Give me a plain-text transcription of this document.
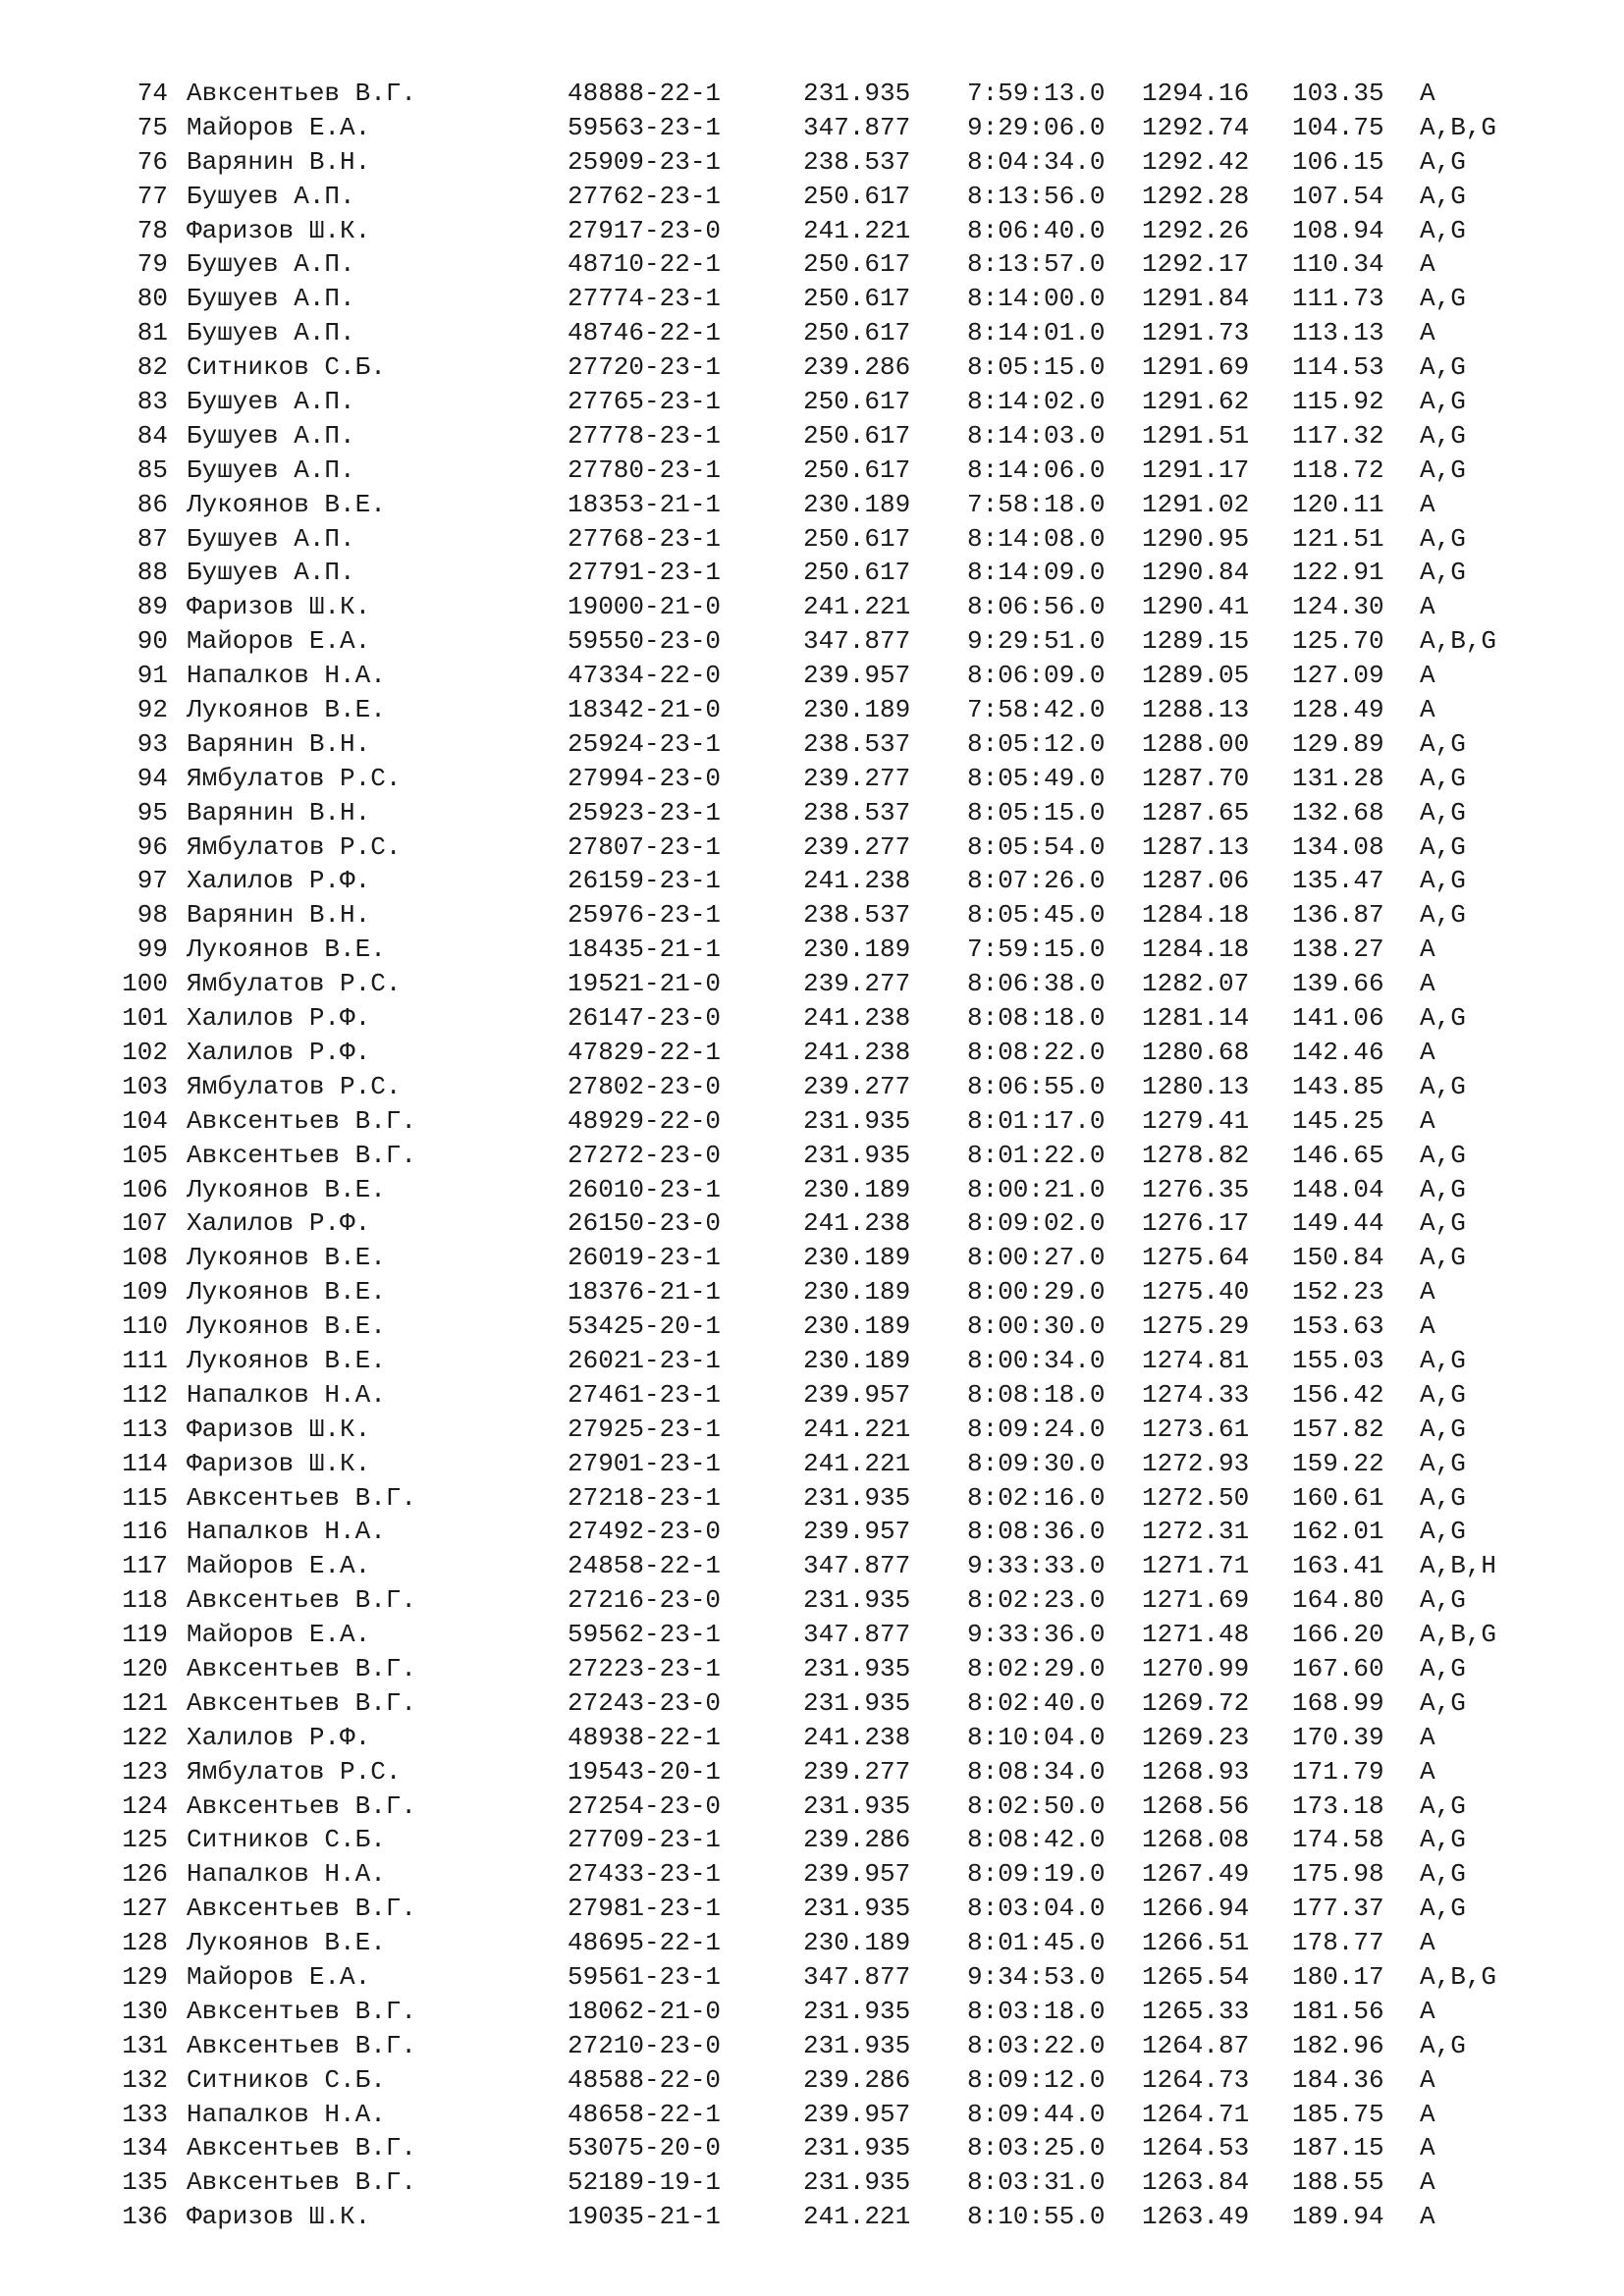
74 Авксентьев В.Г.	48888-22-1	231.935 7:59:13.0 1294.16 103.35 A
75 Майоров Е.А.	59563-23-1	347.877 9:29:06.0 1292.74 104.75 A,B,G
76 Варянин В.Н.	25909-23-1	238.537 8:04:34.0 1292.42 106.15 A,G
77 Бушуев А.П.	27762-23-1	250.617 8:13:56.0 1292.28 107.54 A,G
78 Фаризов Ш.К.	27917-23-0	241.221 8:06:40.0 1292.26 108.94 A,G
79 Бушуев А.П.	48710-22-1	250.617 8:13:57.0 1292.17 110.34 A
80 Бушуев А.П.	27774-23-1	250.617 8:14:00.0 1291.84 111.73 A,G
81 Бушуев А.П.	48746-22-1	250.617 8:14:01.0 1291.73 113.13 A
82 Ситников С.Б.	27720-23-1	239.286 8:05:15.0 1291.69 114.53 A,G
83 Бушуев А.П.	27765-23-1	250.617 8:14:02.0 1291.62 115.92 A,G
84 Бушуев А.П.	27778-23-1	250.617 8:14:03.0 1291.51 117.32 A,G
85 Бушуев А.П.	27780-23-1	250.617 8:14:06.0 1291.17 118.72 A,G
86 Лукоянов В.Е.	18353-21-1	230.189 7:58:18.0 1291.02 120.11 A
87 Бушуев А.П.	27768-23-1	250.617 8:14:08.0 1290.95 121.51 A,G
88 Бушуев А.П.	27791-23-1	250.617 8:14:09.0 1290.84 122.91 A,G
89 Фаризов Ш.К.	19000-21-0	241.221 8:06:56.0 1290.41 124.30 A
90 Майоров Е.А.	59550-23-0	347.877 9:29:51.0 1289.15 125.70 A,B,G
91 Напалков Н.А.	47334-22-0	239.957 8:06:09.0 1289.05 127.09 A
92 Лукоянов В.Е.	18342-21-0	230.189 7:58:42.0 1288.13 128.49 A
93 Варянин В.Н.	25924-23-1	238.537 8:05:12.0 1288.00 129.89 A,G
94 Ямбулатов Р.С.	27994-23-0	239.277 8:05:49.0 1287.70 131.28 A,G
95 Варянин В.Н.	25923-23-1	238.537 8:05:15.0 1287.65 132.68 A,G
96 Ямбулатов Р.С.	27807-23-1	239.277 8:05:54.0 1287.13 134.08 A,G
97 Халилов Р.Ф.	26159-23-1	241.238 8:07:26.0 1287.06 135.47 A,G
98 Варянин В.Н.	25976-23-1	238.537 8:05:45.0 1284.18 136.87 A,G
99 Лукоянов В.Е.	18435-21-1	230.189 7:59:15.0 1284.18 138.27 A
100 Ямбулатов Р.С.	19521-21-0	239.277 8:06:38.0 1282.07 139.66 A
101 Халилов Р.Ф.	26147-23-0	241.238 8:08:18.0 1281.14 141.06 A,G
102 Халилов Р.Ф.	47829-22-1	241.238 8:08:22.0 1280.68 142.46 A
103 Ямбулатов Р.С.	27802-23-0	239.277 8:06:55.0 1280.13 143.85 A,G
104 Авксентьев В.Г.	48929-22-0	231.935 8:01:17.0 1279.41 145.25 A
105 Авксентьев В.Г.	27272-23-0	231.935 8:01:22.0 1278.82 146.65 A,G
106 Лукоянов В.Е.	26010-23-1	230.189 8:00:21.0 1276.35 148.04 A,G
107 Халилов Р.Ф.	26150-23-0	241.238 8:09:02.0 1276.17 149.44 A,G
108 Лукоянов В.Е.	26019-23-1	230.189 8:00:27.0 1275.64 150.84 A,G
109 Лукоянов В.Е.	18376-21-1	230.189 8:00:29.0 1275.40 152.23 A
110 Лукоянов В.Е.	53425-20-1	230.189 8:00:30.0 1275.29 153.63 A
111 Лукоянов В.Е.	26021-23-1	230.189 8:00:34.0 1274.81 155.03 A,G
112 Напалков Н.А.	27461-23-1	239.957 8:08:18.0 1274.33 156.42 A,G
113 Фаризов Ш.К.	27925-23-1	241.221 8:09:24.0 1273.61 157.82 A,G
114 Фаризов Ш.К.	27901-23-1	241.221 8:09:30.0 1272.93 159.22 A,G
115 Авксентьев В.Г.	27218-23-1	231.935 8:02:16.0 1272.50 160.61 A,G
116 Напалков Н.А.	27492-23-0	239.957 8:08:36.0 1272.31 162.01 A,G
117 Майоров Е.А.	24858-22-1	347.877 9:33:33.0 1271.71 163.41 A,B,H
118 Авксентьев В.Г.	27216-23-0	231.935 8:02:23.0 1271.69 164.80 A,G
119 Майоров Е.А.	59562-23-1	347.877 9:33:36.0 1271.48 166.20 A,B,G
120 Авксентьев В.Г.	27223-23-1	231.935 8:02:29.0 1270.99 167.60 A,G
121 Авксентьев В.Г.	27243-23-0	231.935 8:02:40.0 1269.72 168.99 A,G
122 Халилов Р.Ф.	48938-22-1	241.238 8:10:04.0 1269.23 170.39 A
123 Ямбулатов Р.С.	19543-20-1	239.277 8:08:34.0 1268.93 171.79 A
124 Авксентьев В.Г.	27254-23-0	231.935 8:02:50.0 1268.56 173.18 A,G
125 Ситников С.Б.	27709-23-1	239.286 8:08:42.0 1268.08 174.58 A,G
126 Напалков Н.А.	27433-23-1	239.957 8:09:19.0 1267.49 175.98 A,G
127 Авксентьев В.Г.	27981-23-1	231.935 8:03:04.0 1266.94 177.37 A,G
128 Лукоянов В.Е.	48695-22-1	230.189 8:01:45.0 1266.51 178.77 A
129 Майоров Е.А.	59561-23-1	347.877 9:34:53.0 1265.54 180.17 A,B,G
130 Авксентьев В.Г.	18062-21-0	231.935 8:03:18.0 1265.33 181.56 A
131 Авксентьев В.Г.	27210-23-0	231.935 8:03:22.0 1264.87 182.96 A,G
132 Ситников С.Б.	48588-22-0	239.286 8:09:12.0 1264.73 184.36 A
133 Напалков Н.А.	48658-22-1	239.957 8:09:44.0 1264.71 185.75 A
134 Авксентьев В.Г.	53075-20-0	231.935 8:03:25.0 1264.53 187.15 A
135 Авксентьев В.Г.	52189-19-1	231.935 8:03:31.0 1263.84 188.55 A
136 Фаризов Ш.К.	19035-21-1	241.221 8:10:55.0 1263.49 189.94 A
